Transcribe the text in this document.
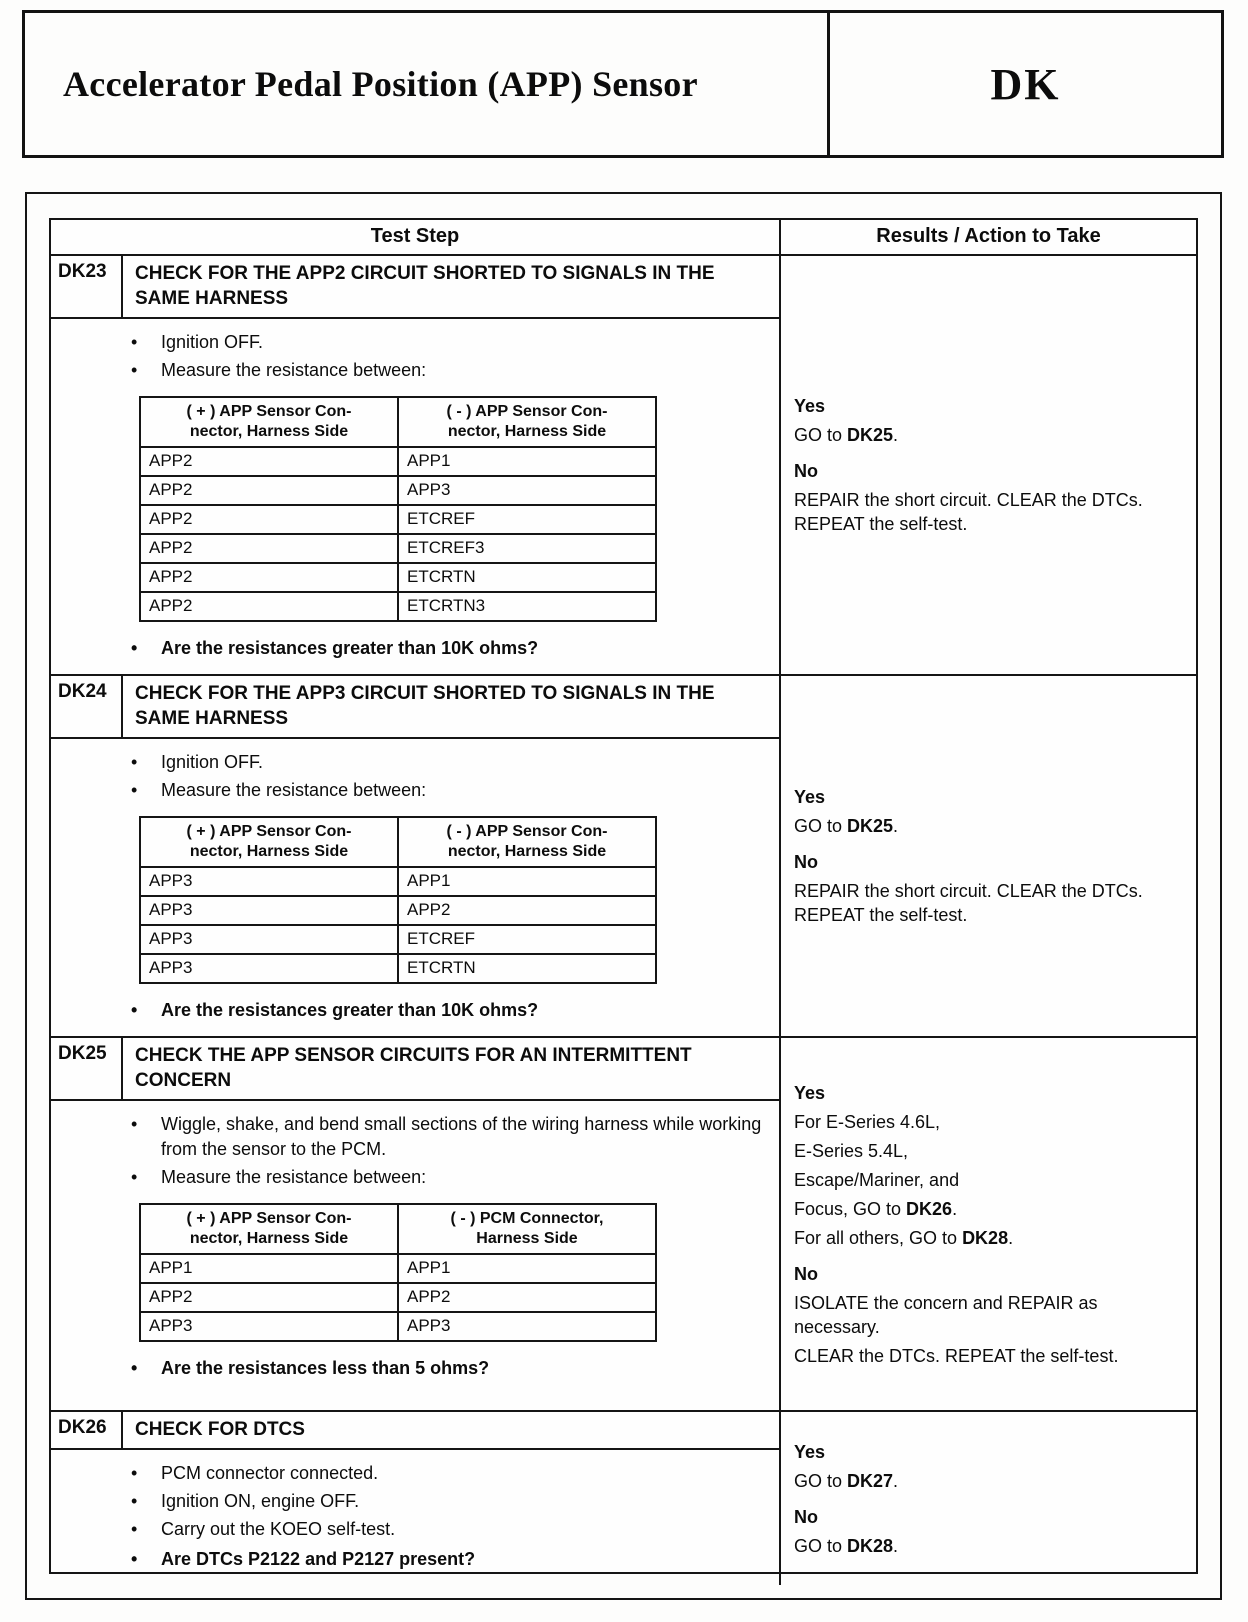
Accelerator Pedal Position (APP) Sensor	DK
Test Step	Results / Action to Take
DK23	CHECK FOR THE APP2 CIRCUIT SHORTED TO SIGNALS IN THE SAME HARNESS
• Ignition OFF.
• Measure the resistance between:
( + ) APP Sensor Con-
nector, Harness Side	( - ) APP Sensor Con-
nector, Harness Side
APP2	APP1
APP2	APP3
APP2	ETCREF
APP2	ETCREF3
APP2	ETCRTN
APP2	ETCRTN3
• Are the resistances greater than 10K ohms?
Yes
GO to DK25.
No
REPAIR the short circuit. CLEAR the DTCs. REPEAT the self-test.
DK24	CHECK FOR THE APP3 CIRCUIT SHORTED TO SIGNALS IN THE SAME HARNESS
• Ignition OFF.
• Measure the resistance between:
( + ) APP Sensor Con-
nector, Harness Side	( - ) APP Sensor Con-
nector, Harness Side
APP3	APP1
APP3	APP2
APP3	ETCREF
APP3	ETCRTN
• Are the resistances greater than 10K ohms?
Yes
GO to DK25.
No
REPAIR the short circuit. CLEAR the DTCs. REPEAT the self-test.
DK25	CHECK THE APP SENSOR CIRCUITS FOR AN INTERMITTENT CONCERN
• Wiggle, shake, and bend small sections of the wiring harness while working from the sensor to the PCM.
• Measure the resistance between:
( + ) APP Sensor Con-
nector, Harness Side	( - ) PCM Connector,
Harness Side
APP1	APP1
APP2	APP2
APP3	APP3
• Are the resistances less than 5 ohms?
Yes
For E-Series 4.6L,
E-Series 5.4L,
Escape/Mariner, and
Focus, GO to DK26.
For all others, GO to DK28.
No
ISOLATE the concern and REPAIR as necessary.
CLEAR the DTCs. REPEAT the self-test.
DK26	CHECK FOR DTCS
• PCM connector connected.
• Ignition ON, engine OFF.
• Carry out the KOEO self-test.
• Are DTCs P2122 and P2127 present?
Yes
GO to DK27.
No
GO to DK28.
